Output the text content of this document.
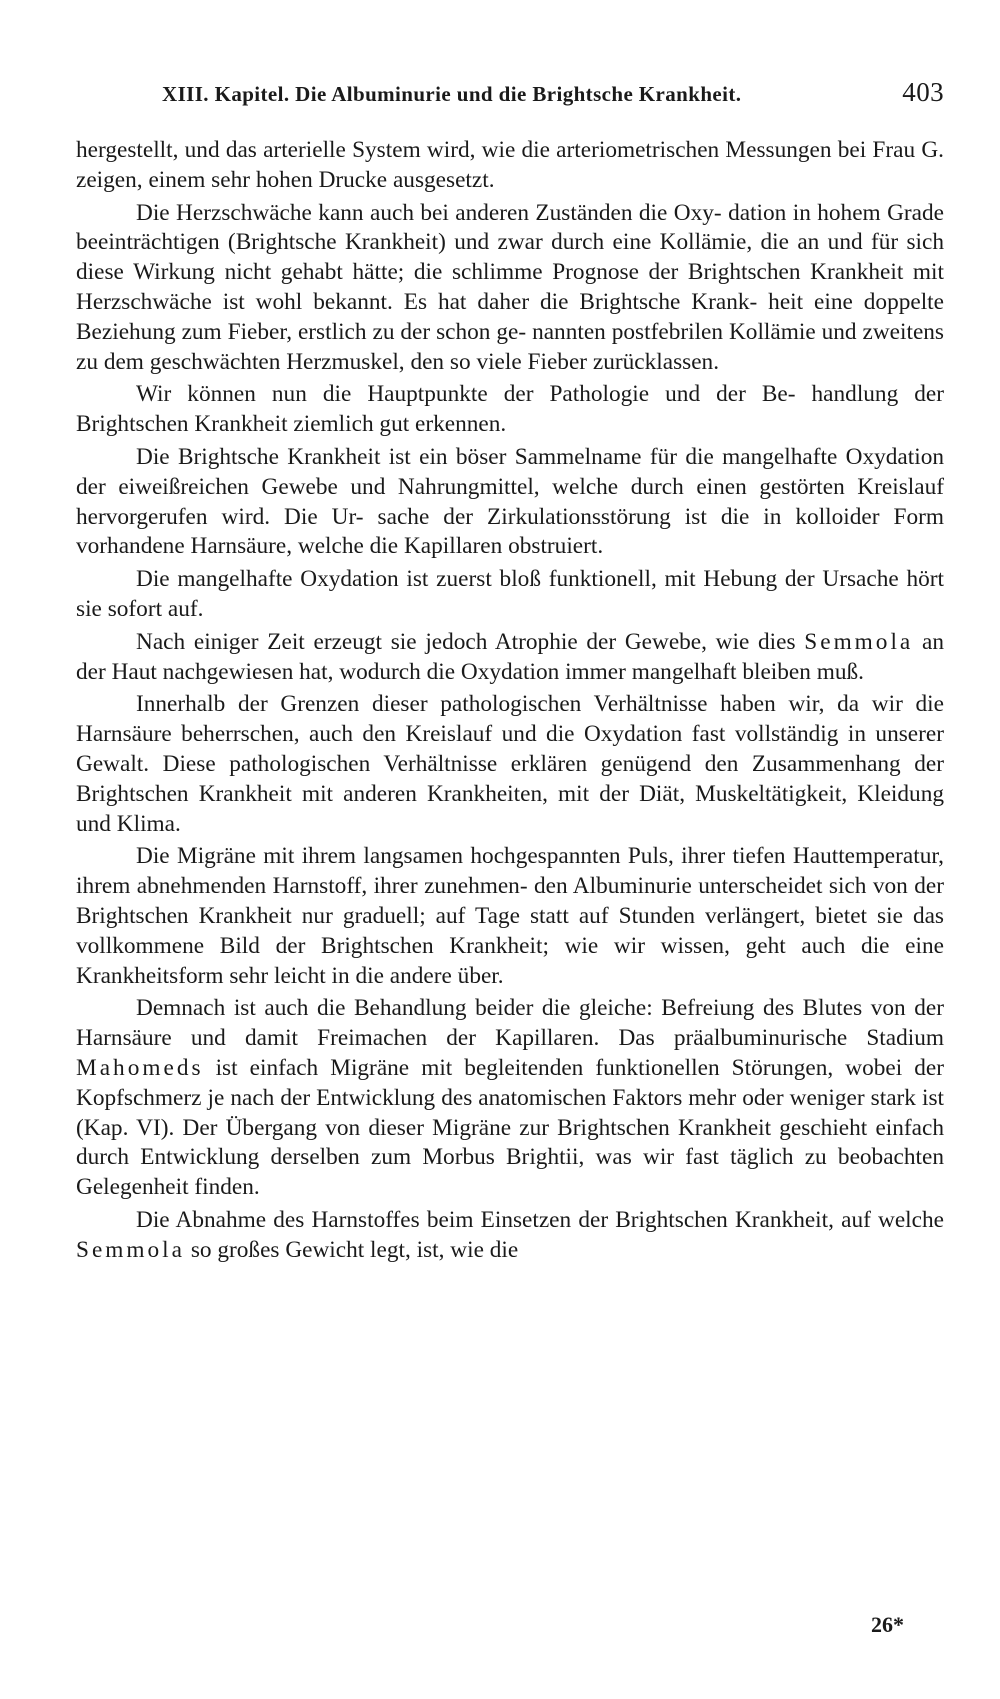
XIII. Kapitel. Die Albuminurie und die Brightsche Krankheit.	403

hergestellt, und das arterielle System wird, wie die arteriometrischen Messungen bei Frau G. zeigen, einem sehr hohen Drucke ausgesetzt.

Die Herzschwäche kann auch bei anderen Zuständen die Oxy- dation in hohem Grade beeinträchtigen (Brightsche Krankheit) und zwar durch eine Kollämie, die an und für sich diese Wirkung nicht gehabt hätte; die schlimme Prognose der Brightschen Krankheit mit Herzschwäche ist wohl bekannt. Es hat daher die Brightsche Krank- heit eine doppelte Beziehung zum Fieber, erstlich zu der schon ge- nannten postfebrilen Kollämie und zweitens zu dem geschwächten Herzmuskel, den so viele Fieber zurücklassen.

Wir können nun die Hauptpunkte der Pathologie und der Be- handlung der Brightschen Krankheit ziemlich gut erkennen.

Die Brightsche Krankheit ist ein böser Sammelname für die mangelhafte Oxydation der eiweißreichen Gewebe und Nahrungmittel, welche durch einen gestörten Kreislauf hervorgerufen wird. Die Ur- sache der Zirkulationsstörung ist die in kolloider Form vorhandene Harnsäure, welche die Kapillaren obstruiert.

Die mangelhafte Oxydation ist zuerst bloß funktionell, mit Hebung der Ursache hört sie sofort auf.

Nach einiger Zeit erzeugt sie jedoch Atrophie der Gewebe, wie dies Semmola an der Haut nachgewiesen hat, wodurch die Oxydation immer mangelhaft bleiben muß.

Innerhalb der Grenzen dieser pathologischen Verhältnisse haben wir, da wir die Harnsäure beherrschen, auch den Kreislauf und die Oxydation fast vollständig in unserer Gewalt. Diese pathologischen Verhältnisse erklären genügend den Zusammenhang der Brightschen Krankheit mit anderen Krankheiten, mit der Diät, Muskeltätigkeit, Kleidung und Klima.

Die Migräne mit ihrem langsamen hochgespannten Puls, ihrer tiefen Hauttemperatur, ihrem abnehmenden Harnstoff, ihrer zunehmen- den Albuminurie unterscheidet sich von der Brightschen Krankheit nur graduell; auf Tage statt auf Stunden verlängert, bietet sie das vollkommene Bild der Brightschen Krankheit; wie wir wissen, geht auch die eine Krankheitsform sehr leicht in die andere über.

Demnach ist auch die Behandlung beider die gleiche: Befreiung des Blutes von der Harnsäure und damit Freimachen der Kapillaren. Das präalbuminurische Stadium Mahomeds ist einfach Migräne mit begleitenden funktionellen Störungen, wobei der Kopfschmerz je nach der Entwicklung des anatomischen Faktors mehr oder weniger stark ist (Kap. VI). Der Übergang von dieser Migräne zur Brightschen Krankheit geschieht einfach durch Entwicklung derselben zum Morbus Brightii, was wir fast täglich zu beobachten Gelegenheit finden.

Die Abnahme des Harnstoffes beim Einsetzen der Brightschen Krankheit, auf welche Semmola so großes Gewicht legt, ist, wie die

26*
